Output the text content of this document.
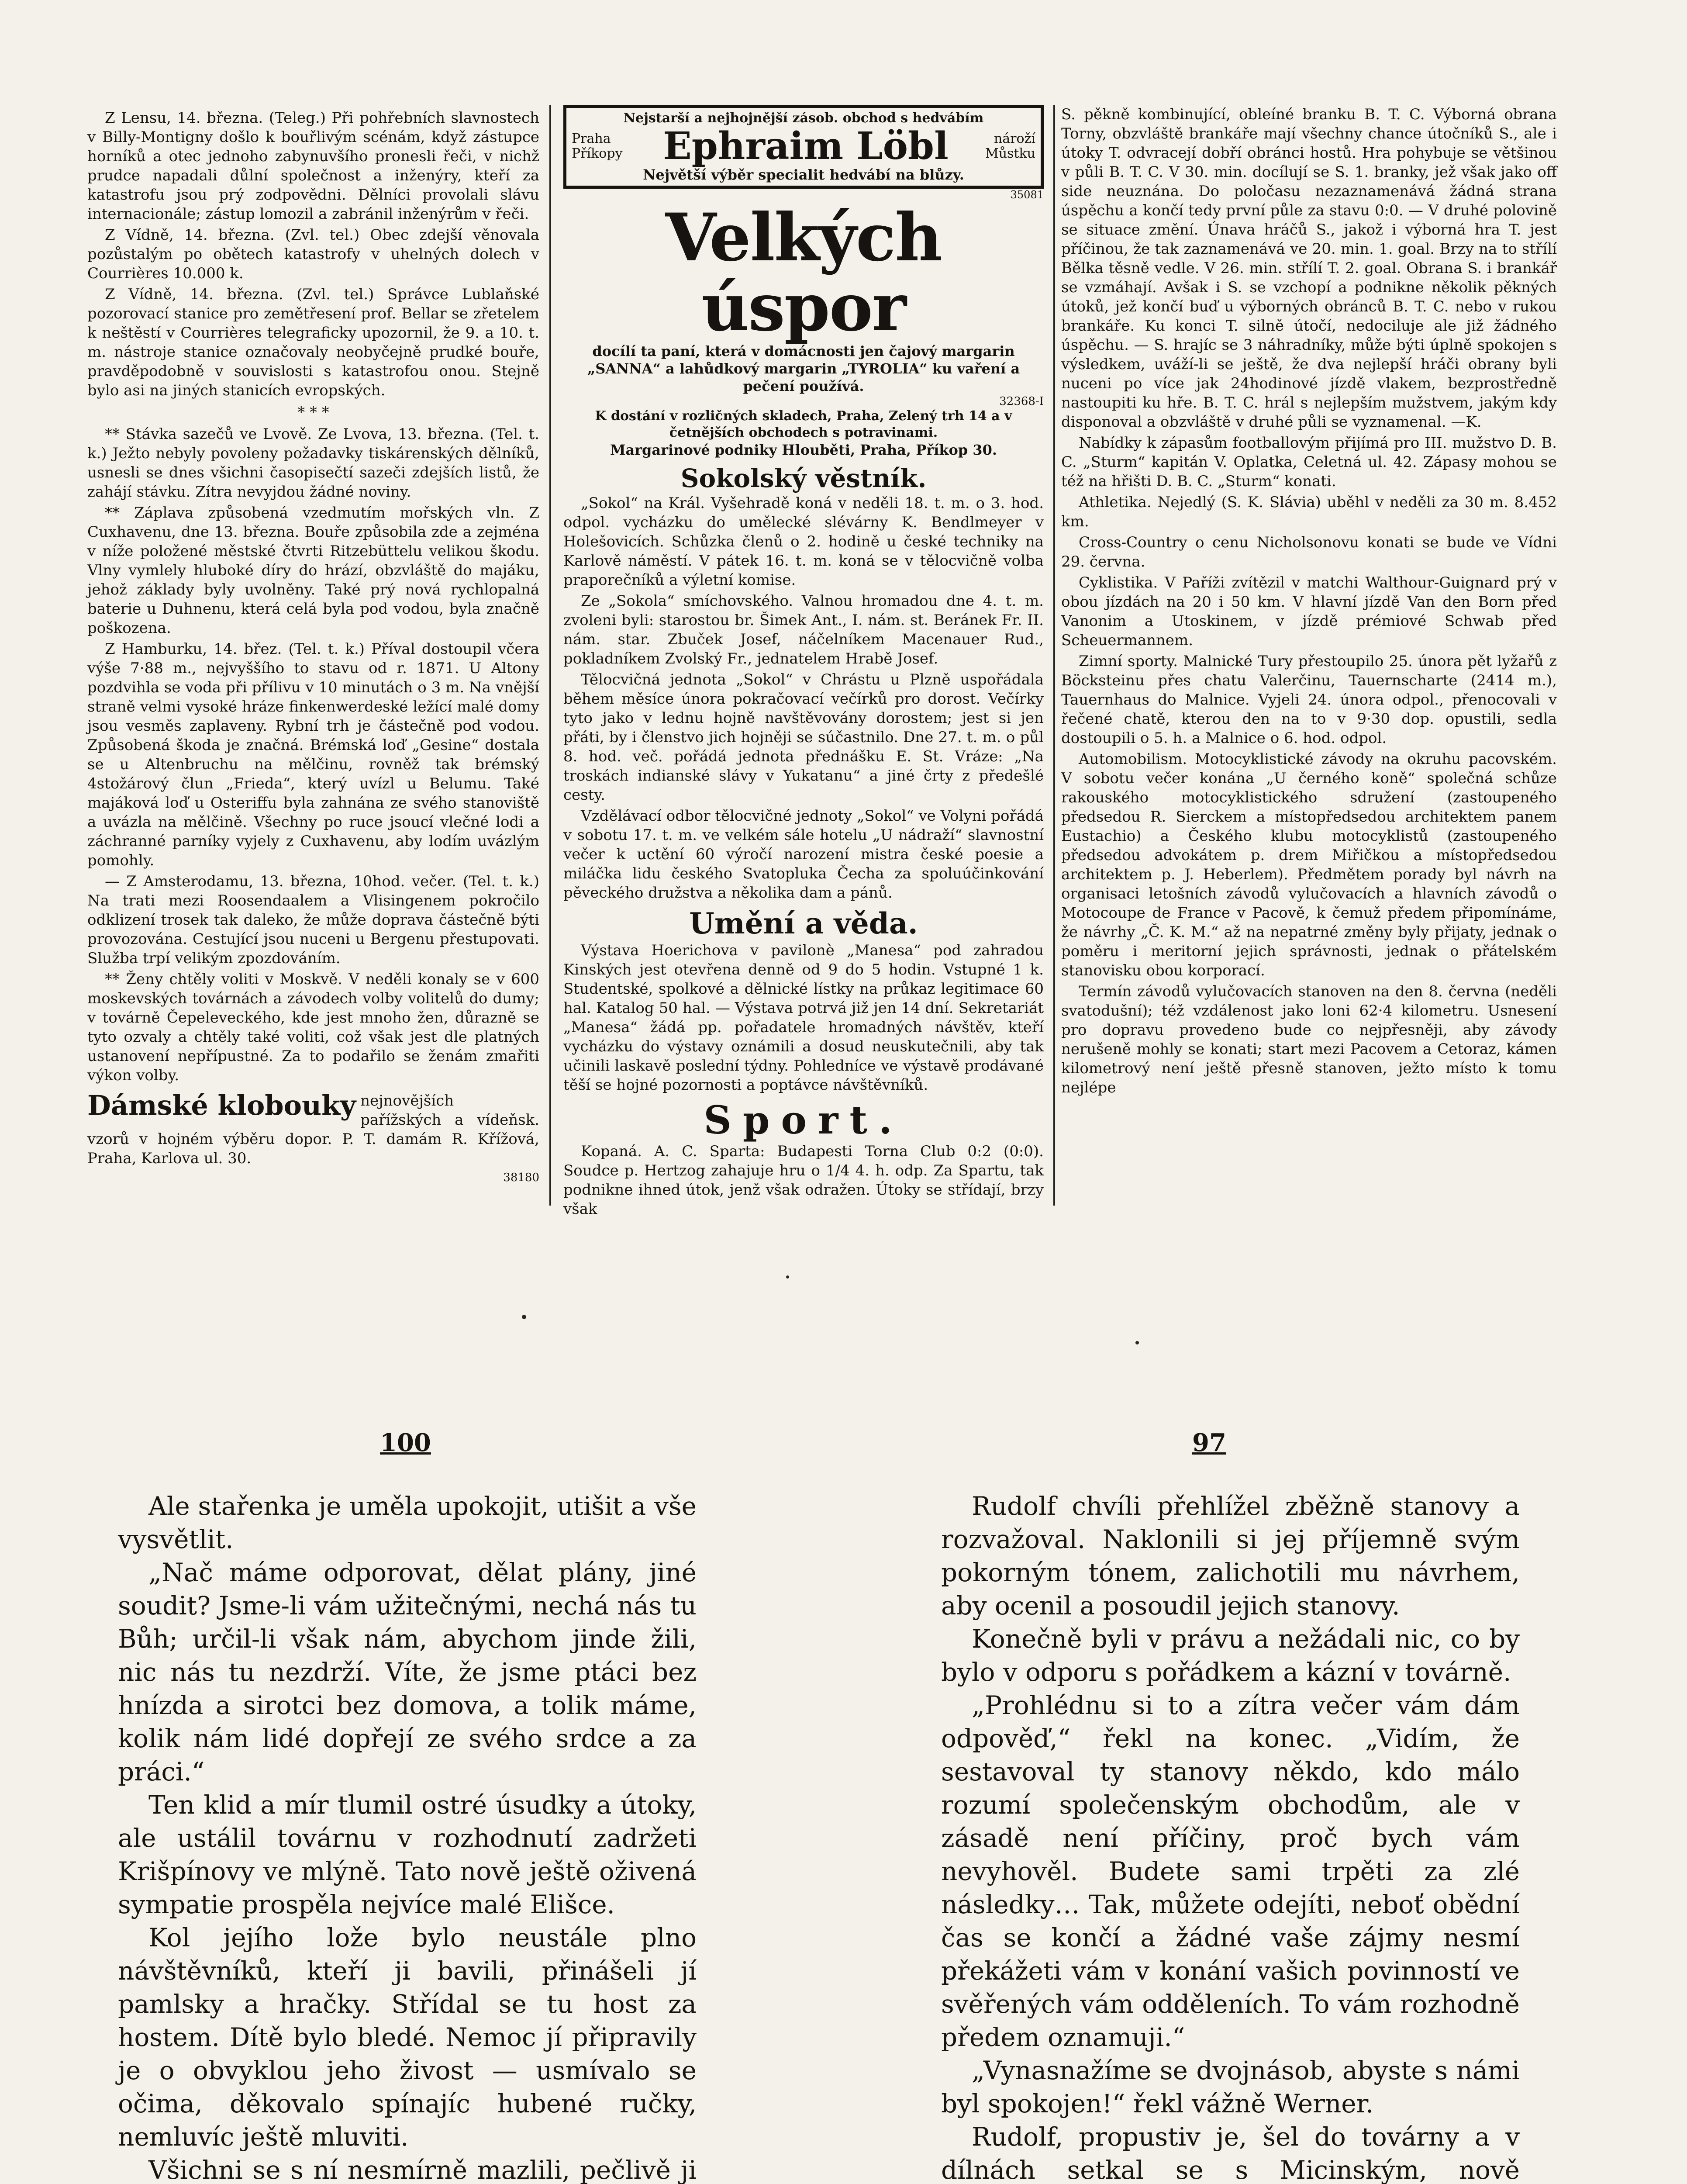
Z Lensu, 14. března. (Teleg.) Při pohřebních slavnostech v Billy-Montigny došlo k bouřlivým scénám, když zástupce horníků a otec jednoho zabynuvšího pronesli řeči, v nichž prudce napadali důlní společnost a inženýry, kteří za katastrofu jsou prý zodpovědni. Dělníci provolali slávu internacionále; zástup lomozil a zabránil inženýrům v řeči.

Z Vídně, 14. března. (Zvl. tel.) Obec zdejší věnovala pozůstalým po obětech katastrofy v uhelných dolech v Courrières 10.000 k.

Z Vídně, 14. března. (Zvl. tel.) Správce Lublaňské pozorovací stanice pro zemětřesení prof. Bellar se zřetelem k neštěstí v Courrières telegraficky upozornil, že 9. a 10. t. m. nástroje stanice označovaly neobyčejně prudké bouře, pravděpodobně v souvislosti s katastrofou onou. Stejně bylo asi na jiných stanicích evropských.

* * *

** Stávka sazečů ve Lvově. Ze Lvova, 13. března. (Tel. t. k.) Ježto nebyly povoleny požadavky tiskárenských dělníků, usnesli se dnes všichni časopisečtí sazeči zdejších listů, že zahájí stávku. Zítra nevyjdou žádné noviny.

** Záplava způsobená vzedmutím mořských vln. Z Cuxhavenu, dne 13. března. Bouře způsobila zde a zejména v níže položené městské čtvrti Ritzebüttelu velikou škodu. Vlny vymlely hluboké díry do hrází, obzvláště do majáku, jehož základy byly uvolněny. Také prý nová rychlopalná baterie u Duhnenu, která celá byla pod vodou, byla značně poškozena.

Z Hamburku, 14. břez. (Tel. t. k.) Příval dostoupil včera výše 7·88 m., nejvyššího to stavu od r. 1871. U Altony pozdvihla se voda při přílivu v 10 minutách o 3 m. Na vnější straně velmi vysoké hráze finkenwerdeské ležící malé domy jsou vesměs zaplaveny. Rybní trh je částečně pod vodou. Způsobená škoda je značná. Brémská loď „Gesine“ dostala se u Altenbruchu na mělčinu, rovněž tak brémský 4stožárový člun „Frieda“, který uvízl u Belumu. Také majáková loď u Osteriffu byla zahnána ze svého stanoviště a uvázla na mělčině. Všechny po ruce jsoucí vlečné lodi a záchranné parníky vyjely z Cuxhavenu, aby lodím uvázlým pomohly.

— Z Amsterodamu, 13. března, 10hod. večer. (Tel. t. k.) Na trati mezi Roosendaalem a Vlisingenem pokročilo odklizení trosek tak daleko, že může doprava částečně býti provozována. Cestující jsou nuceni u Bergenu přestupovati. Služba trpí velikým zpozdováním.

** Ženy chtěly voliti v Moskvě. V neděli konaly se v 600 moskevských továrnách a závodech volby volitelů do dumy; v továrně Čepeleveckého, kde jest mnoho žen, důrazně se tyto ozvaly a chtěly také voliti, což však jest dle platných ustanovení nepřípustné. Za to podařilo se ženám zmařiti výkon volby.

Dámské klobouky nejnovějších pařížských a vídeňsk. vzorů v hojném výběru dopor. P. T. damám R. Křížová, Praha, Karlova ul. 30.
38180
Nejstarší a nejhojnější zásob. obchod s hedvábím
Praha Příkopy	Ephraim Löbl	nároží Můstku
Největší výběr specialit hedvábí na blůzy.
35081
Velkých úspor
docílí ta paní, která v domácnosti jen čajový margarin „SANNA“ a lahůdkový margarin „TYROLIA“ ku vaření a pečení používá.
32368-I
K dostání v rozličných skladech, Praha, Zelený trh 14 a v četnějších obchodech s potravinami.
Margarinové podniky Hlouběti, Praha, Příkop 30.
Sokolský věstník.

„Sokol“ na Král. Vyšehradě koná v neděli 18. t. m. o 3. hod. odpol. vycházku do umělecké slévárny K. Bendlmeyer v Holešovicích. Schůzka členů o 2. hodině u české techniky na Karlově náměstí. V pátek 16. t. m. koná se v tělocvičně volba praporečníků a výletní komise.

Ze „Sokola“ smíchovského. Valnou hromadou dne 4. t. m. zvoleni byli: starostou br. Šimek Ant., I. nám. st. Beránek Fr. II. nám. star. Zbuček Josef, náčelníkem Macenauer Rud., pokladníkem Zvolský Fr., jednatelem Hrabě Josef.

Tělocvičná jednota „Sokol“ v Chrástu u Plzně uspořádala během měsíce února pokračovací večírků pro dorost. Večírky tyto jako v lednu hojně navštěvovány dorostem; jest si jen přáti, by i členstvo jich hojněji se súčastnilo. Dne 27. t. m. o půl 8. hod. več. pořádá jednota přednášku E. St. Vráze: „Na troskách indianské slávy v Yukatanu“ a jiné črty z předešlé cesty.

Vzdělávací odbor tělocvičné jednoty „Sokol“ ve Volyni pořádá v sobotu 17. t. m. ve velkém sále hotelu „U nádraží“ slavnostní večer k uctění 60 výročí narození mistra české poesie a miláčka lidu českého Svatopluka Čecha za spoluúčinkování pěveckého družstva a několika dam a pánů.

Umění a věda.

Výstava Hoerichova v pavilonè „Manesa“ pod zahradou Kinských jest otevřena denně od 9 do 5 hodin. Vstupné 1 k. Studentské, spolkové a dělnické lístky na průkaz legitimace 60 hal. Katalog 50 hal. — Výstava potrvá již jen 14 dní. Sekretariát „Manesa“ žádá pp. pořadatele hromadných návštěv, kteří vycházku do výstavy oznámili a dosud neuskutečnili, aby tak učinili laskavě poslední týdny. Pohledníce ve výstavě prodávané těší se hojné pozornosti a poptávce návštěvníků.

Sport.

Kopaná. A. C. Sparta: Budapesti Torna Club 0:2 (0:0). Soudce p. Hertzog zahajuje hru o 1/4 4. h. odp. Za Spartu, tak podnikne ihned útok, jenž však odražen. Útoky se střídají, brzy však

S. pěkně kombinující, obleíné branku B. T. C. Výborná obrana Torny, obzvláště brankáře mají všechny chance útočníků S., ale i útoky T. odvracejí dobří obránci hostů. Hra pohybuje se většinou v půli B. T. C. V 30. min. docílují se S. 1. branky, jež však jako off side neuznána. Do poločasu nezaznamenává žádná strana úspěchu a končí tedy první půle za stavu 0:0. — V druhé polovině se situace změní. Únava hráčů S., jakož i výborná hra T. jest příčinou, že tak zaznamenává ve 20. min. 1. goal. Brzy na to střílí Bělka těsně vedle. V 26. min. střílí T. 2. goal. Obrana S. i brankář se vzmáhají. Avšak i S. se vzchopí a podnikne několik pěkných útoků, jež končí buď u výborných obránců B. T. C. nebo v rukou brankáře. Ku konci T. silně útočí, nedociluje ale již žádného úspěchu. — S. hrajíc se 3 náhradníky, může býti úplně spokojen s výsledkem, uváží-li se ještě, že dva nejlepší hráči obrany byli nuceni po více jak 24hodinové jízdě vlakem, bezprostředně nastoupiti ku hře. B. T. C. hrál s nejlepším mužstvem, jakým kdy disponoval a obzvláště v druhé půli se vyznamenal. —K.

Nabídky k zápasům footballovým přijímá pro III. mužstvo D. B. C. „Sturm“ kapitán V. Oplatka, Celetná ul. 42. Zápasy mohou se též na hřišti D. B. C. „Sturm“ konati.

Athletika. Nejedlý (S. K. Slávia) uběhl v neděli za 30 m. 8.452 km.

Cross-Country o cenu Nicholsonovu konati se bude ve Vídni 29. června.

Cyklistika. V Paříži zvítězil v matchi Walthour-Guignard prý v obou jízdách na 20 i 50 km. V hlavní jízdě Van den Born před Vanonim a Utoskinem, v jízdě prémiové Schwab před Scheuermannem.

Zimní sporty. Malnické Tury přestoupilo 25. února pět lyžařů z Böcksteinu přes chatu Valerčinu, Tauernscharte (2414 m.), Tauernhaus do Malnice. Vyjeli 24. února odpol., přenocovali v řečené chatě, kterou den na to v 9·30 dop. opustili, sedla dostoupili o 5. h. a Malnice o 6. hod. odpol.

Automobilism. Motocyklistické závody na okruhu pacovském. V sobotu večer konána „U černého koně“ společná schůze rakouského motocyklistického sdružení (zastoupeného předsedou R. Sierckem a místopředsedou architektem panem Eustachio) a Českého klubu motocyklistů (zastoupeného předsedou advokátem p. drem Miřičkou a místopředsedou architektem p. J. Heberlem). Předmětem porady byl návrh na organisaci letošních závodů vylučovacích a hlavních závodů o Motocoupe de France v Pacově, k čemuž předem připomínáme, že návrhy „Č. K. M.“ až na nepatrné změny byly přijaty, jednak o poměru i meritorní jejich správnosti, jednak o přátelském stanovisku obou korporací.

Termín závodů vylučovacích stanoven na den 8. června (neděli svatodušní); též vzdálenost jako loni 62·4 kilometru. Usnesení pro dopravu provedeno bude co nejpřesněji, aby závody nerušeně mohly se konati; start mezi Pacovem a Cetoraz, kámen kilometrový není ještě přesně stanoven, ježto místo k tomu nejlépe

100	97

Ale stařenka je uměla upokojit, utišit a vše vysvětlit.

„Nač máme odporovat, dělat plány, jiné soudit? Jsme-li vám užitečnými, nechá nás tu Bůh; určil-li však nám, abychom jinde žili, nic nás tu nezdrží. Víte, že jsme ptáci bez hnízda a sirotci bez domova, a tolik máme, kolik nám lidé dopřejí ze svého srdce a za práci.“

Ten klid a mír tlumil ostré úsudky a útoky, ale ustálil továrnu v rozhodnutí zadržeti Krišpínovy ve mlýně. Tato nově ještě oživená sympatie prospěla nejvíce malé Elišce.

Kol jejího lože bylo neustále plno návštěvníků, kteří ji bavili, přinášeli jí pamlsky a hračky. Střídal se tu host za hostem. Dítě bylo bledé. Nemoc jí připravily je o obvyklou jeho živost — usmívalo se očima, děkovalo spínajíc hubené ručky, nemluvíc ještě mluviti.

Všichni se s ní nesmírně mazlili, pečlivě ji

Rudolf chvíli přehlížel zběžně stanovy a rozvažoval. Naklonili si jej příjemně svým pokorným tónem, zalichotili mu návrhem, aby ocenil a posoudil jejich stanovy.

Konečně byli v právu a nežádali nic, co by bylo v odporu s pořádkem a kázní v továrně.

„Prohlédnu si to a zítra večer vám dám odpověď,“ řekl na konec. „Vidím, že sestavoval ty stanovy někdo, kdo málo rozumí společenským obchodům, ale v zásadě není příčiny, proč bych vám nevyhověl. Budete sami trpěti za zlé následky… Tak, můžete odejíti, neboť obědní čas se končí a žádné vaše zájmy nesmí překážeti vám v konání vašich povinností ve svěřených vám odděleních. To vám rozhodně předem oznamuji.“

„Vynasnažíme se dvojnásob, abyste s námi byl spokojen!“ řekl vážně Werner.

Rudolf, propustiv je, šel do továrny a v dílnách setkal se s Micinským, nově
